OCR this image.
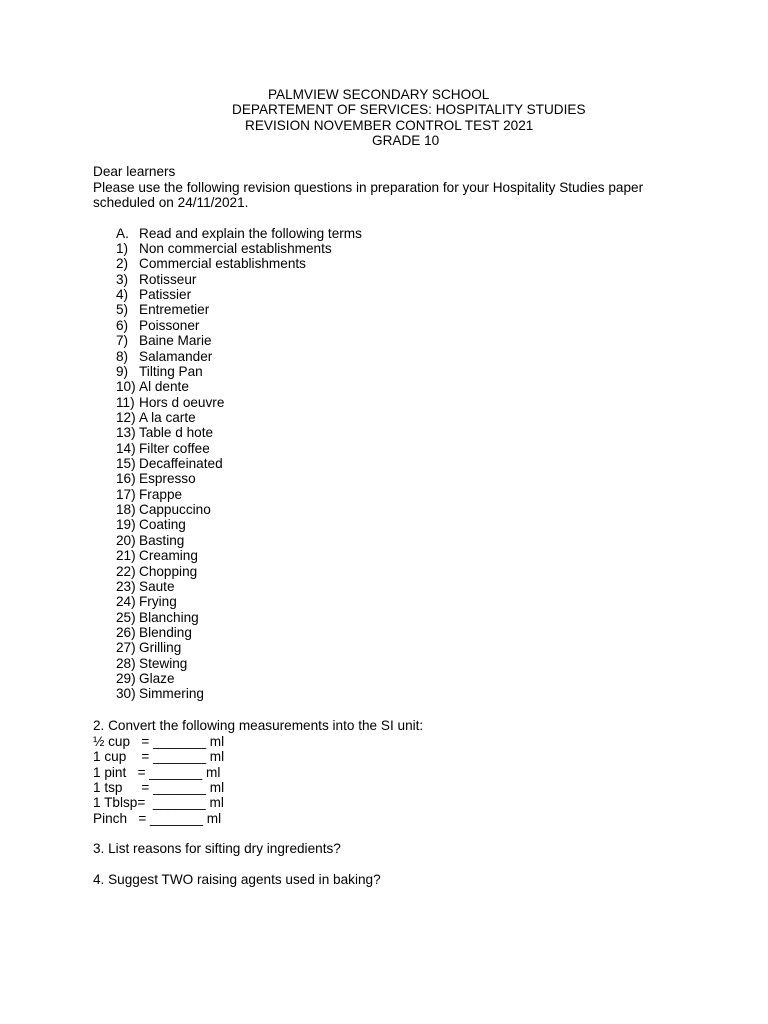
PALMVIEW SECONDARY SCHOOL
DEPARTEMENT OF SERVICES: HOSPITALITY STUDIES
REVISION NOVEMBER CONTROL TEST 2021
GRADE 10
Dear learners
Please use the following revision questions in preparation for your Hospitality Studies paper
scheduled on 24/11/2021.
A. Read and explain the following terms
1) Non commercial establishments
2) Commercial establishments
3) Rotisseur
4) Patissier
5) Entremetier
6) Poissoner
7) Baine Marie
8) Salamander
9) Tilting Pan
10) Al dente
11) Hors d oeuvre
12) A la carte
13) Table d hote
14) Filter coffee
15) Decaffeinated
16) Espresso
17) Frappe
18) Cappuccino
19) Coating
20) Basting
21) Creaming
22) Chopping
23) Saute
24) Frying
25) Blanching
26) Blending
27) Grilling
28) Stewing
29) Glaze
30) Simmering
2. Convert the following measurements into the SI unit:
½ cup   = _______ ml
1 cup    = _______ ml
1 pint   = _______ ml
1 tsp     = _______ ml
1 Tblsp=  _______ ml
Pinch   = _______ ml
3. List reasons for sifting dry ingredients?
4. Suggest TWO raising agents used in baking?
